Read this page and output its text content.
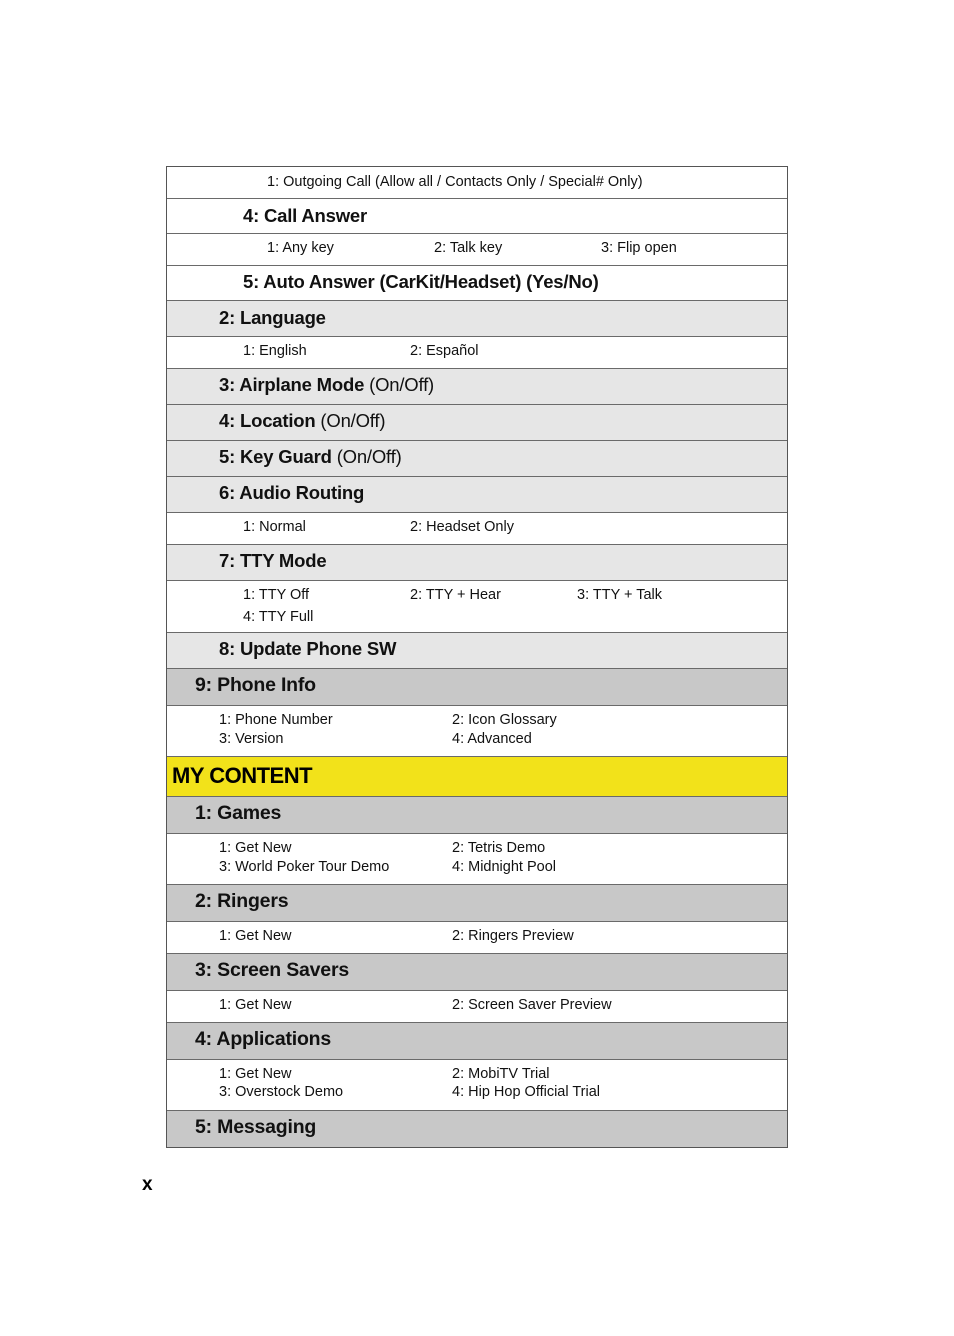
1: Outgoing Call (Allow all / Contacts Only / Special# Only)
4: Call Answer
1: Any key	2: Talk key	3: Flip open
5: Auto Answer (CarKit/Headset) (Yes/No)
2: Language
1: English	2: Español
3: Airplane Mode (On/Off)
4: Location (On/Off)
5: Key Guard (On/Off)
6: Audio Routing
1: Normal	2: Headset Only
7: TTY Mode
1: TTY Off	2: TTY + Hear	3: TTY + Talk
4: TTY Full
8: Update Phone SW
9: Phone Info
1: Phone Number	2: Icon Glossary
3: Version	4: Advanced
MY CONTENT
1: Games
1: Get New	2: Tetris Demo
3: World Poker Tour Demo	4: Midnight Pool
2: Ringers
1: Get New	2: Ringers Preview
3: Screen Savers
1: Get New	2: Screen Saver Preview
4: Applications
1: Get New	2: MobiTV Trial
3: Overstock Demo	4: Hip Hop Official Trial
5: Messaging
x
